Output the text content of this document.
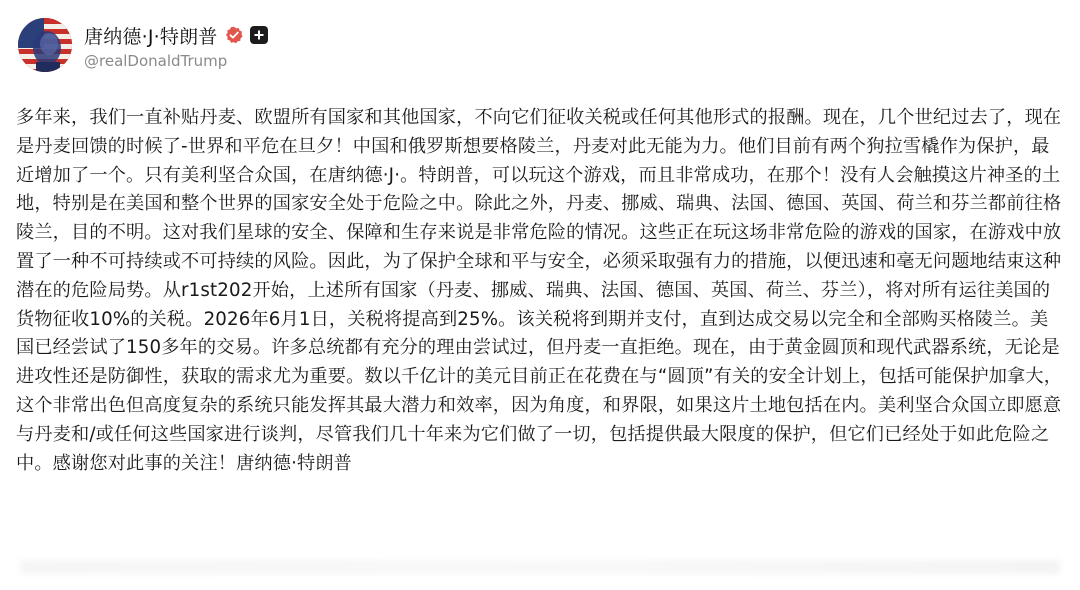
唐纳德·J·特朗普
@realDonaldTrump
多年来，我们一直补贴丹麦、欧盟所有国家和其他国家，不向它们征收关税或任何其他形式的报酬。现在，几个世纪过去了，现在是丹麦回馈的时候了-世界和平危在旦夕！中国和俄罗斯想要格陵兰，丹麦对此无能为力。他们目前有两个狗拉雪橇作为保护，最近增加了一个。只有美利坚合众国，在唐纳德·J·。特朗普，可以玩这个游戏，而且非常成功，在那个！没有人会触摸这片神圣的土地，特别是在美国和整个世界的国家安全处于危险之中。除此之外，丹麦、挪威、瑞典、法国、德国、英国、荷兰和芬兰都前往格陵兰，目的不明。这对我们星球的安全、保障和生存来说是非常危险的情况。这些正在玩这场非常危险的游戏的国家，在游戏中放置了一种不可持续或不可持续的风险。因此，为了保护全球和平与安全，必须采取强有力的措施，以便迅速和毫无问题地结束这种潜在的危险局势。从r1st202开始，上述所有国家（丹麦、挪威、瑞典、法国、德国、英国、荷兰、芬兰），将对所有运往美国的货物征收10%的关税。2026年6月1日，关税将提高到25%。该关税将到期并支付，直到达成交易以完全和全部购买格陵兰。美国已经尝试了150多年的交易。许多总统都有充分的理由尝试过，但丹麦一直拒绝。现在，由于黄金圆顶和现代武器系统，无论是进攻性还是防御性，获取的需求尤为重要。数以千亿计的美元目前正在花费在与“圆顶”有关的安全计划上，包括可能保护加拿大，这个非常出色但高度复杂的系统只能发挥其最大潜力和效率，因为角度，和界限，如果这片土地包括在内。美利坚合众国立即愿意与丹麦和/或任何这些国家进行谈判，尽管我们几十年来为它们做了一切，包括提供最大限度的保护，但它们已经处于如此危险之中。感谢您对此事的关注！唐纳德·特朗普
